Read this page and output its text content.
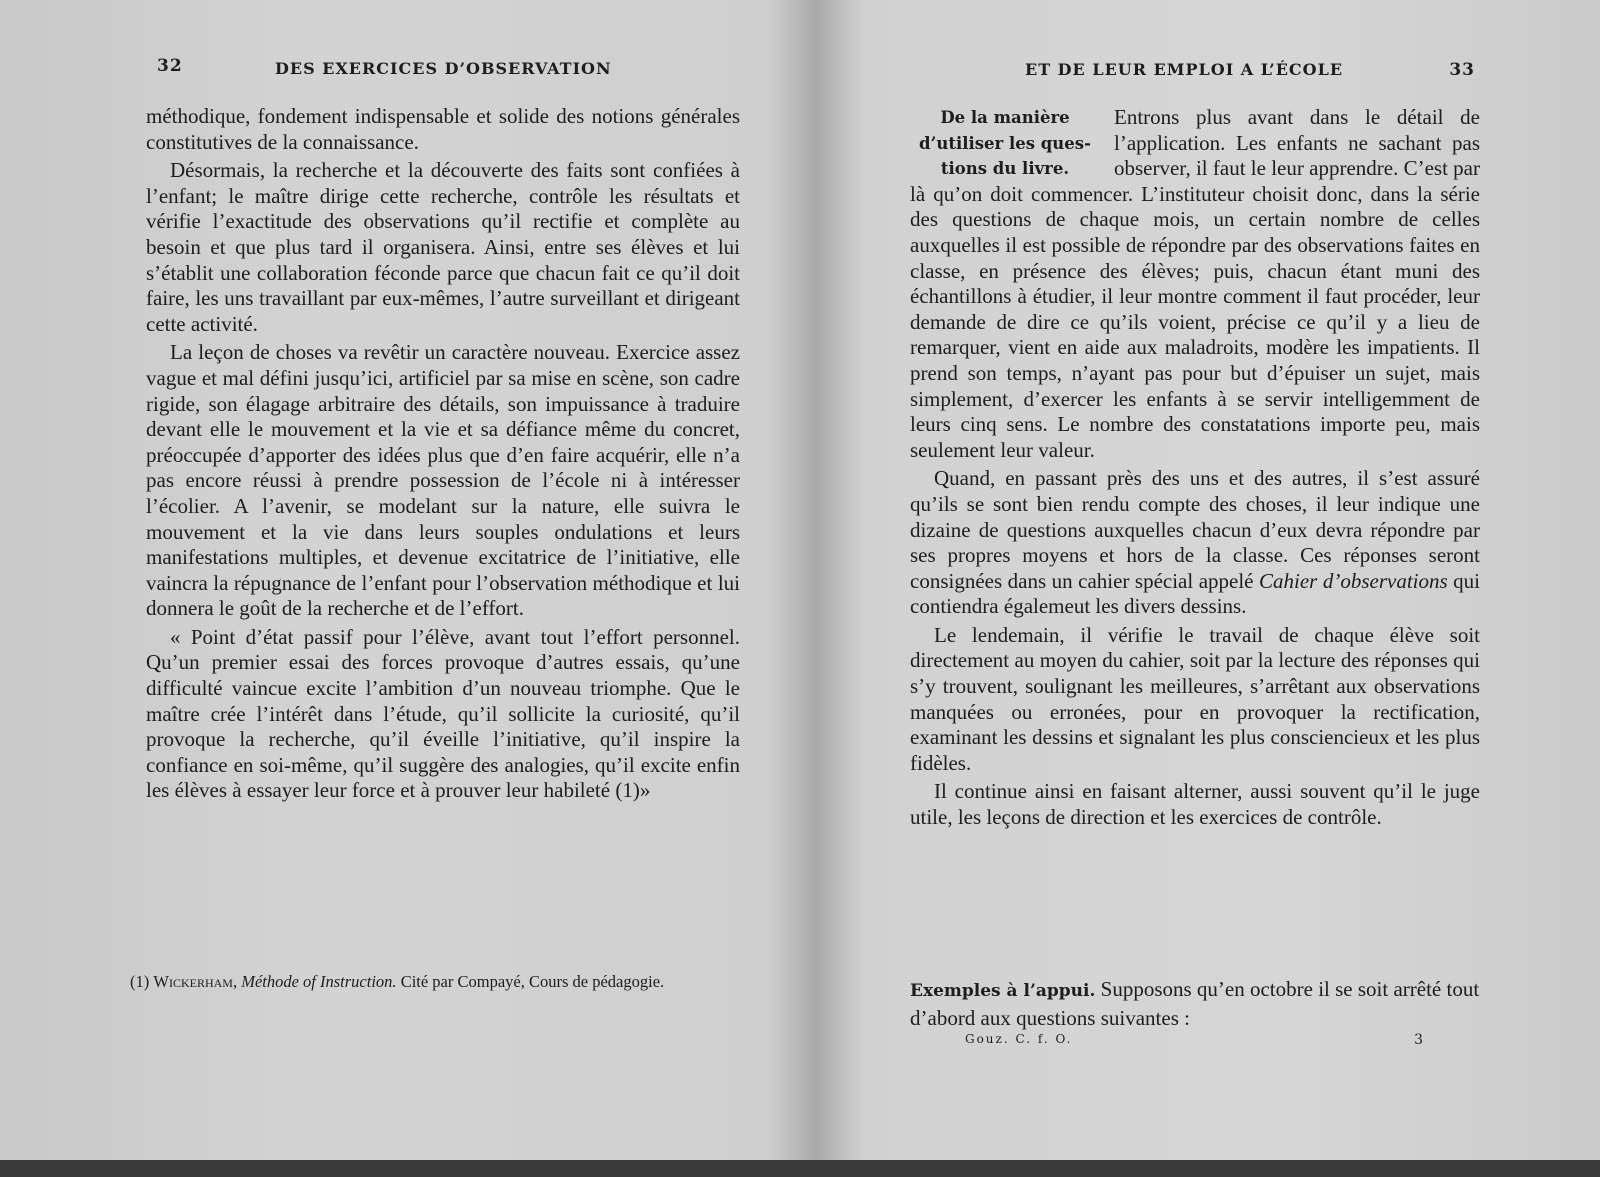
32	DES EXERCICES D’OBSERVATION

méthodique, fondement indispensable et solide des notions générales constitutives de la connaissance.

Désormais, la recherche et la découverte des faits sont confiées à l’enfant; le maître dirige cette recherche, contrôle les résultats et vérifie l’exactitude des observations qu’il rectifie et complète au besoin et que plus tard il organisera. Ainsi, entre ses élèves et lui s’établit une collaboration féconde parce que chacun fait ce qu’il doit faire, les uns travaillant par eux-mêmes, l’autre surveillant et dirigeant cette activité.

La leçon de choses va revêtir un caractère nouveau. Exercice assez vague et mal défini jusqu’ici, artificiel par sa mise en scène, son cadre rigide, son élagage arbitraire des détails, son impuissance à traduire devant elle le mouvement et la vie et sa défiance même du concret, préoccupée d’apporter des idées plus que d’en faire acquérir, elle n’a pas encore réussi à prendre possession de l’école ni à intéresser l’écolier. A l’avenir, se modelant sur la nature, elle suivra le mouvement et la vie dans leurs souples ondulations et leurs manifestations multiples, et devenue excitatrice de l’initiative, elle vaincra la répugnance de l’enfant pour l’observation méthodique et lui donnera le goût de la recherche et de l’effort.

« Point d’état passif pour l’élève, avant tout l’effort personnel. Qu’un premier essai des forces provoque d’autres essais, qu’une difficulté vaincue excite l’ambition d’un nouveau triomphe. Que le maître crée l’intérêt dans l’étude, qu’il sollicite la curiosité, qu’il provoque la recherche, qu’il éveille l’initiative, qu’il inspire la confiance en soi-même, qu’il suggère des analogies, qu’il excite enfin les élèves à essayer leur force et à prouver leur habileté (1)»

(1) Wickerham, Méthode of Instruction. Cité par Compayé, Cours de pédagogie.
ET DE LEUR EMPLOI A L’ÉCOLE	33

De la manière
d’utiliser les ques-
tions du livre.
Entrons plus avant dans le détail de l’application. Les enfants ne sachant pas observer, il faut le leur apprendre. C’est par là qu’on doit commencer. L’instituteur choisit donc, dans la série des questions de chaque mois, un certain nombre de celles auxquelles il est possible de répondre par des observations faites en classe, en présence des élèves; puis, chacun étant muni des échantillons à étudier, il leur montre comment il faut procéder, leur demande de dire ce qu’ils voient, précise ce qu’il y a lieu de remarquer, vient en aide aux maladroits, modère les impatients. Il prend son temps, n’ayant pas pour but d’épuiser un sujet, mais simplement, d’exercer les enfants à se servir intelligemment de leurs cinq sens. Le nombre des constatations importe peu, mais seulement leur valeur.

Quand, en passant près des uns et des autres, il s’est assuré qu’ils se sont bien rendu compte des choses, il leur indique une dizaine de questions auxquelles chacun d’eux devra répondre par ses propres moyens et hors de la classe. Ces réponses seront consignées dans un cahier spécial appelé Cahier d’observations qui contiendra égalemeut les divers dessins.

Le lendemain, il vérifie le travail de chaque élève soit directement au moyen du cahier, soit par la lecture des réponses qui s’y trouvent, soulignant les meilleures, s’arrêtant aux observations manquées ou erronées, pour en provoquer la rectification, examinant les dessins et signalant les plus consciencieux et les plus fidèles.

Il continue ainsi en faisant alterner, aussi souvent qu’il le juge utile, les leçons de direction et les exercices de contrôle.

Exemples à l’appui. Supposons qu’en octobre il se soit arrêté tout d’abord aux questions suivantes :
Gouz. C. f. O.	3
